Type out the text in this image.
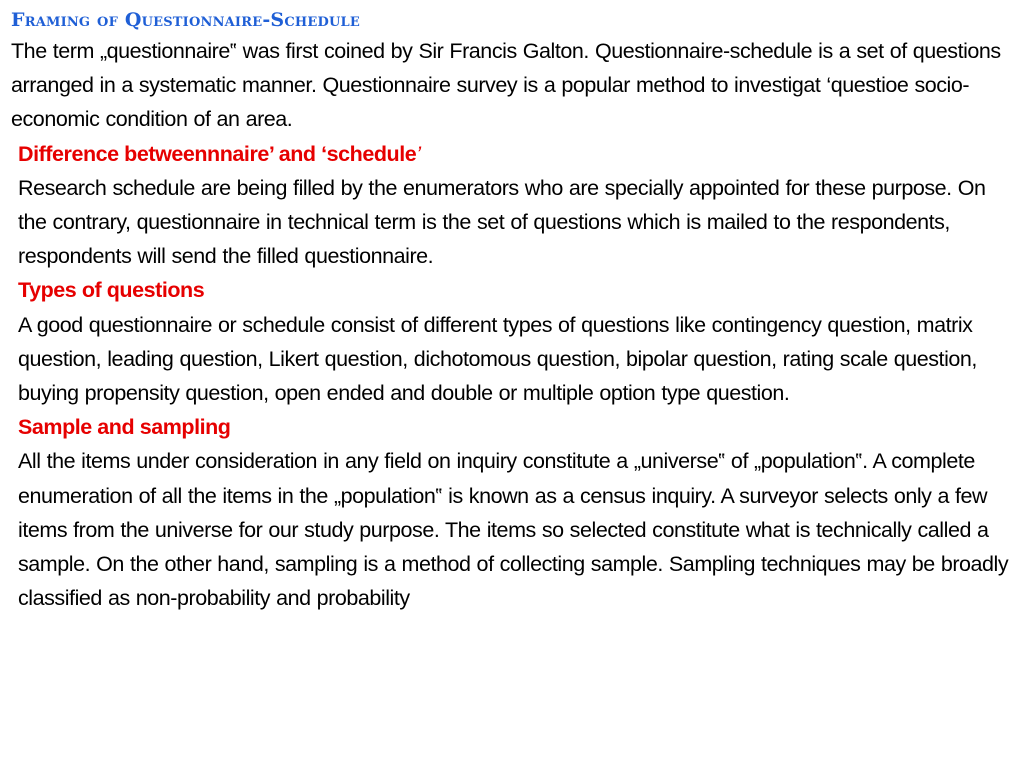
Framing of Questionnaire-Schedule

The term „questionnaire‟ was first coined by Sir Francis Galton. Questionnaire-schedule is a set of questions arranged in a systematic manner. Questionnaire survey is a popular method to investigat ‘questioe socio-economic condition of an area.

Difference betweennnaire’ and ‘schedule’

Research schedule are being filled by the enumerators who are specially appointed for these purpose. On the contrary, questionnaire in technical term is the set of questions which is mailed to the respondents, respondents will send the filled questionnaire.

Types of questions

A good questionnaire or schedule consist of different types of questions like contingency question, matrix question, leading question, Likert question, dichotomous question, bipolar question, rating scale question, buying propensity question, open ended and double or multiple option type question.

Sample and sampling

All the items under consideration in any field on inquiry constitute a „universe‟ of „population‟. A complete enumeration of all the items in the „population‟ is known as a census inquiry. A surveyor selects only a few items from the universe for our study purpose. The items so selected constitute what is technically called a sample. On the other hand, sampling is a method of collecting sample. Sampling techniques may be broadly classified as non-probability and probability
